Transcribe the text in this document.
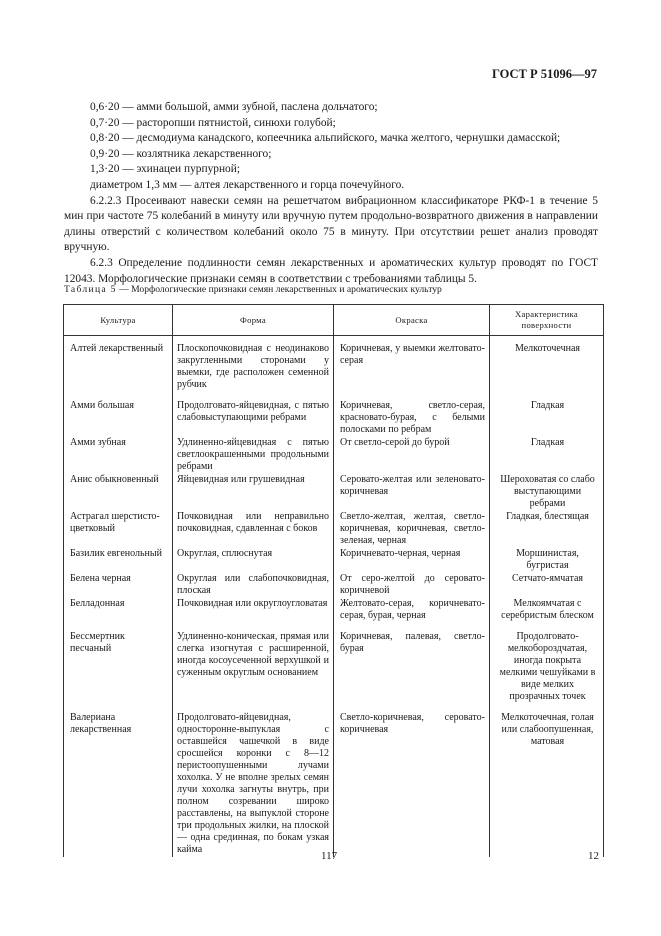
ГОСТ Р 51096—97

0,6·20 — амми большой, амми зубной, паслена дольчатого;

0,7·20 — расторопши пятнистой, синюхи голубой;

0,8·20 — десмодиума канадского, копеечника альпийского, мачка желтого, чернушки дамасской;

0,9·20 — козлятника лекарственного;

1,3·20 — эхинацеи пурпурной;

диаметром 1,3 мм — алтея лекарственного и горца почечуйного.

6.2.2.3 Просеивают навески семян на решетчатом вибрационном классификаторе РКФ-1 в течение 5 мин при частоте 75 колебаний в минуту или вручную путем продольно-возвратного движения в направлении длины отверстий с количеством колебаний около 75 в минуту. При отсутствии решет анализ проводят вручную.

6.2.3 Определение подлинности семян лекарственных и ароматических культур проводят по ГОСТ 12043. Морфологические признаки семян в соответствии с требованиями таблицы 5.

Таблица 5 — Морфологические признаки семян лекарственных и ароматических культур
Культура	Форма	Окраска	Характеристика поверхности
Алтей лекарственный	Плоскопочковидная с неодинаково закругленными сторонами у выемки, где расположен семенной рубчик	Коричневая, у выемки желтовато-серая	Мелкоточечная

Амми большая	Продолговато-яйцевидная, с пятью слабовыступающими ребрами	Коричневая, светло-серая, красновато-бурая, с белыми полосками по ребрам	Гладкая
Амми зубная	Удлиненно-яйцевидная с пятью светлоокрашенными продольными ребрами	От светло-серой до бурой	Гладкая
Анис обыкновенный	Яйцевидная или грушевидная	Серовато-желтая или зеленовато-коричневая	Шероховатая со слабо выступающими ребрами
Астрагал шерстисто-цветковый	Почковидная или неправильно почковидная, сдавленная с боков	Светло-желтая, желтая, светло-коричневая, коричневая, светло-зеленая, черная	Гладкая, блестящая
Базилик евгенольный	Округлая, сплюснутая	Коричневато-черная, черная	Моршинистая, бугристая
Белена черная	Округлая или слабопочковидная, плоская	От серо-желтой до серовато-коричневой	Сетчато-ямчатая
Белладонная	Почковидная или округлоугловатая	Желтовато-серая, коричневато-серая, бурая, черная	Мелкоямчатая с серебристым блеском

Бессмертник песчаный	Удлиненно-коническая, прямая или слегка изогнутая с расширенной, иногда косоусеченной верхушкой и суженным округлым основанием	Коричневая, палевая, светло-бурая	Продолговато-мелкобороздчатая, иногда покрыта мелкими чешуйками в виде мелких прозрачных точек

Валериана лекарственная	Продолговато-яйцевидная, односторонне-выпуклая с оставшейся чашечкой в виде сросшейся коронки с 8—12 перистоопушенными лучами хохолка. У не вполне зрелых семян лучи хохолка загнуты внутрь, при полном созревании широко расставлены, на выпуклой стороне три продольных жилки, на плоской — одна срединная, по бокам узкая кайма	Светло-коричневая, серовато-коричневая	Мелкоточечная, голая или слабоопушенная, матовая
117	12
